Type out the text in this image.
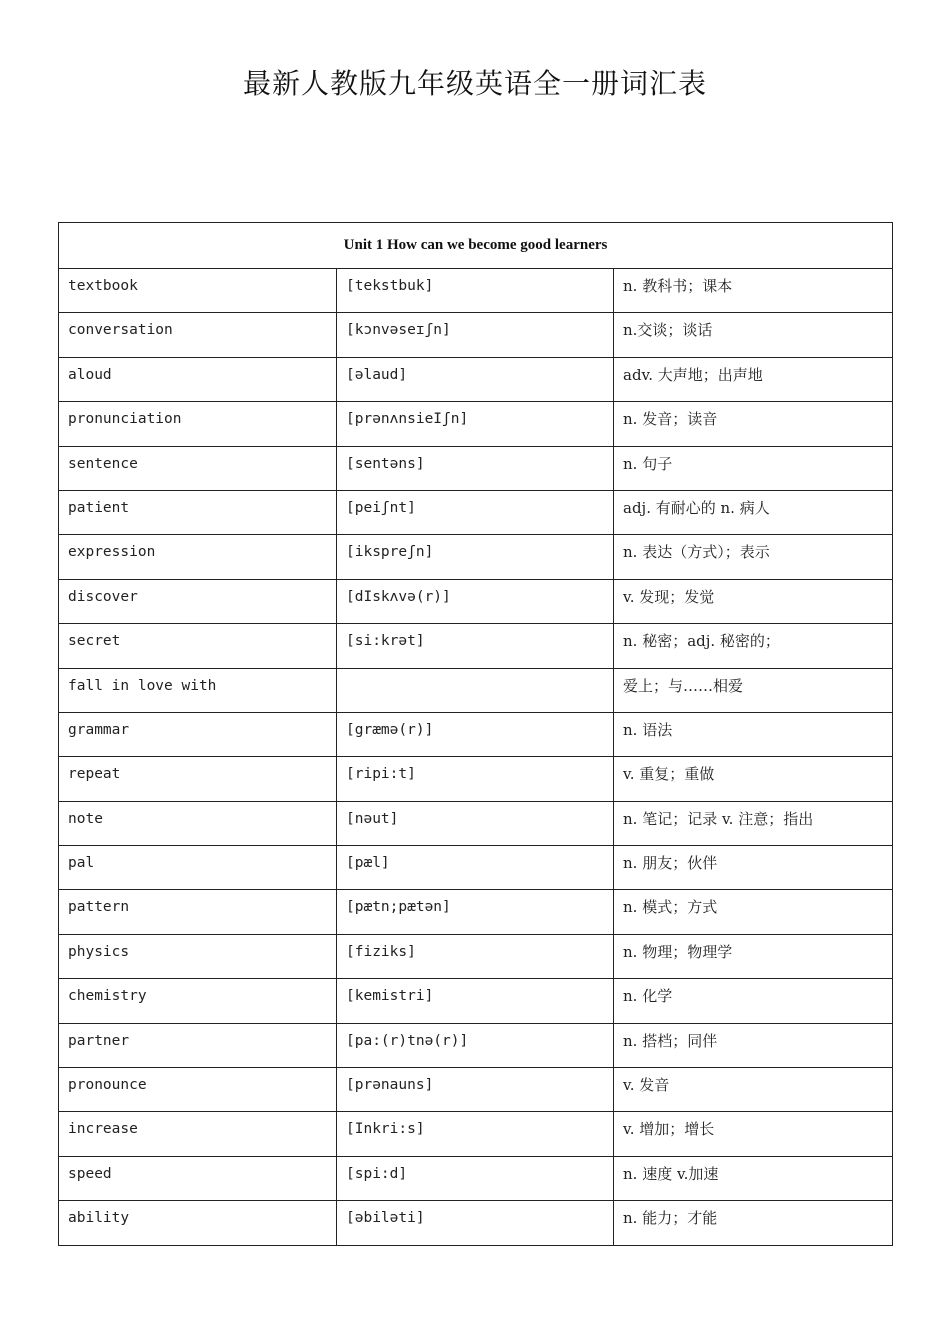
最新人教版九年级英语全一册词汇表
Unit 1 How can we become good learners		

textbook	[tekstbuk]	n. 教科书；课本

conversation	[kɔnvəseɪʃn]	n.交谈；谈话

aloud	[əlaud]	adv. 大声地；出声地

pronunciation	[prənʌnsieIʃn]	n. 发音；读音

sentence	[sentəns]	n. 句子

patient	[peiʃnt]	adj. 有耐心的 n. 病人

expression	[ikspreʃn]	n. 表达（方式）；表示

discover	[dIskʌvə(r)]	v. 发现；发觉

secret	[si:krət]	n. 秘密；adj. 秘密的；

fall in love with		爱上；与……相爱

grammar	[græmə(r)]	n. 语法

repeat	[ripi:t]	v. 重复；重做

note	[nəut]	n. 笔记；记录 v. 注意；指出

pal	[pæl]	n. 朋友；伙伴

pattern	[pætn;pætən]	n. 模式；方式

physics	[fiziks]	n. 物理；物理学

chemistry	[kemistri]	n. 化学

partner	[pa:(r)tnə(r)]	n. 搭档；同伴

pronounce	[prənauns]	v. 发音

increase	[Inkri:s]	v. 增加；增长

speed	[spi:d]	n. 速度 v.加速

ability	[əbiləti]	n. 能力；才能
